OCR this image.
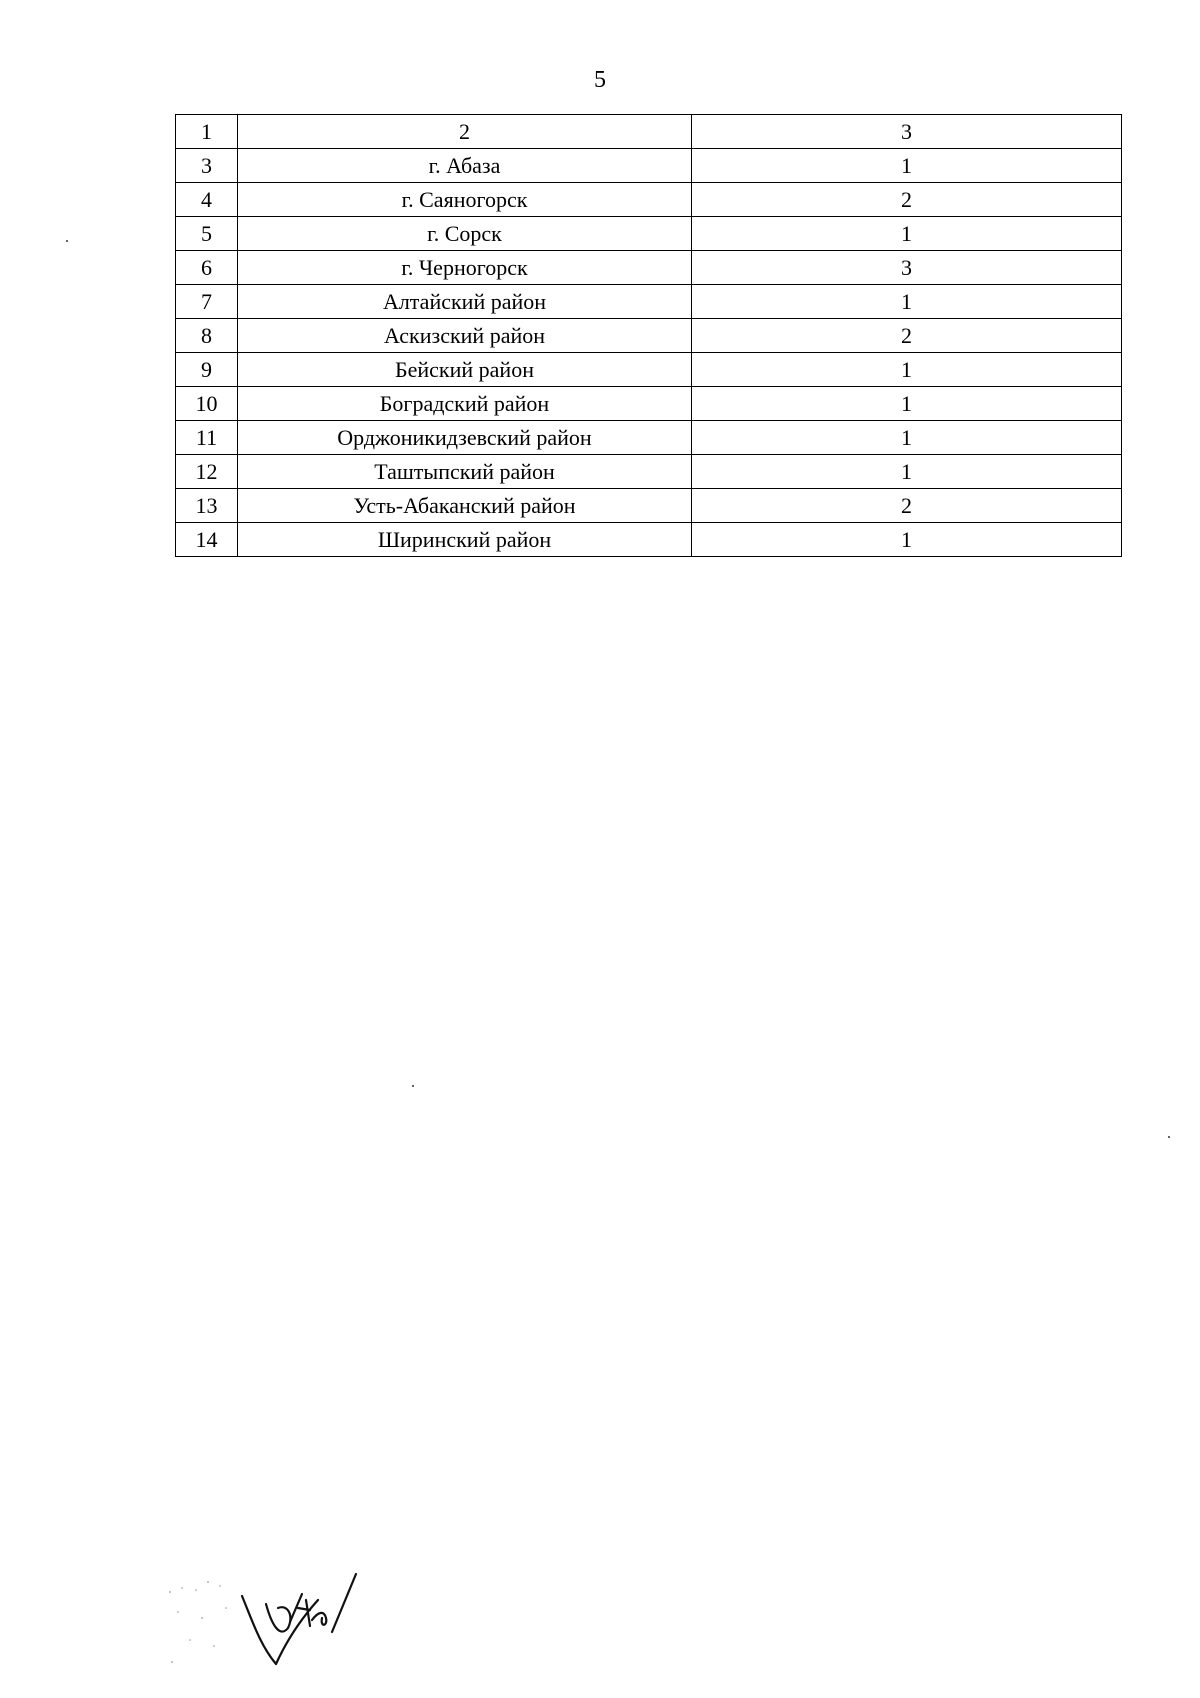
5
1	2	3
3	г. Абаза	1
4	г. Саяногорск	2
5	г. Сорск	1
6	г. Черногорск	3
7	Алтайский район	1
8	Аскизский район	2
9	Бейский район	1
10	Боградский район	1
11	Орджоникидзевский район	1
12	Таштыпский район	1
13	Усть-Абаканский район	2
14	Ширинский район	1
